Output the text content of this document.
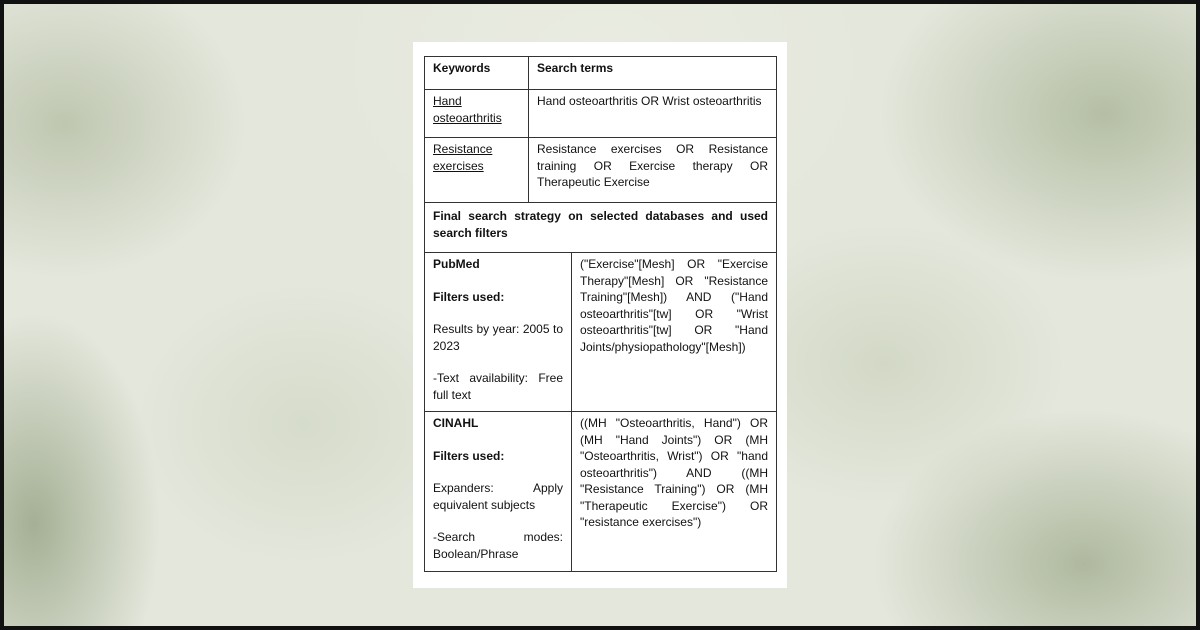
Keywords	Search terms

Hand

osteoarthritis

Hand osteoarthritis OR Wrist osteoarthritis

Resistance

exercises

Resistance exercises OR Resistance training OR Exercise therapy OR Therapeutic Exercise
Final search strategy on selected databases and used search filters

PubMed

Filters used:

Results by year: 2005 to 2023

-Text availability: Free full text

("Exercise"[Mesh] OR "Exercise Therapy"[Mesh] OR "Resistance Training"[Mesh]) AND ("Hand osteoarthritis"[tw] OR "Wrist osteoarthritis"[tw] OR "Hand Joints/physiopathology"[Mesh])

CINAHL

Filters used:

Expanders: Apply equivalent subjects

-Search modes: Boolean/Phrase

((MH "Osteoarthritis, Hand") OR (MH "Hand Joints") OR (MH "Osteoarthritis, Wrist") OR "hand osteoarthritis") AND ((MH "Resistance Training") OR (MH "Therapeutic Exercise") OR "resistance exercises")
